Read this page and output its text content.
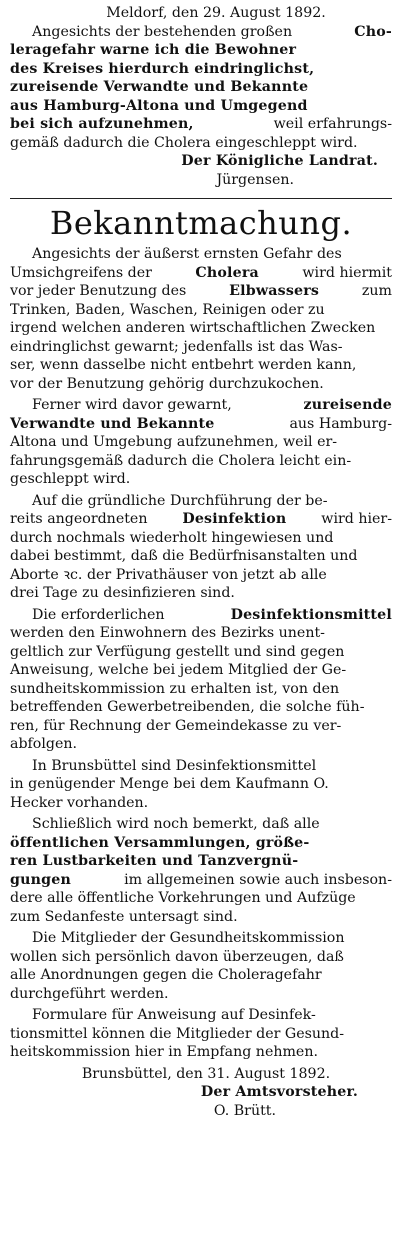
Meldorf, den 29. August 1892.

Angesichts der bestehenden großen	Cho-

leragefahr warne ich die Bewohner

des Kreises hierdurch eindringlichst,

zureisende Verwandte und Bekannte

aus Hamburg-Altona und Umgegend

bei sich aufzunehmen,	weil erfahrungs-

gemäß dadurch die Cholera eingeschleppt wird.

Der Königliche Landrat.

Jürgensen.

Bekanntmachung.

Angesichts der äußerst ernsten Gefahr des

Umsichgreifens der	Cholera	wird hiermit

vor jeder Benutzung des	Elbwassers	zum

Trinken, Baden, Waschen, Reinigen oder zu

irgend welchen anderen wirtschaftlichen Zwecken

eindringlichst gewarnt; jedenfalls ist das Was-

ser, wenn dasselbe nicht entbehrt werden kann,

vor der Benutzung gehörig durchzukochen.

Ferner wird davor gewarnt,	zureisende

Verwandte und Bekannte	aus Hamburg-

Altona und Umgebung aufzunehmen, weil er-

fahrungsgemäß dadurch die Cholera leicht ein-

geschleppt wird.

Auf die gründliche Durchführung der be-

reits angeordneten Desinfektion wird hier-

durch nochmals wiederholt hingewiesen und

dabei bestimmt, daß die Bedürfnisanstalten und

Aborte ꝛc. der Privathäuser von jetzt ab alle

drei Tage zu desinfizieren sind.

Die erforderlichen	Desinfektionsmittel

werden den Einwohnern des Bezirks unent-

geltlich zur Verfügung gestellt und sind gegen

Anweisung, welche bei jedem Mitglied der Ge-

sundheitskommission zu erhalten ist, von den

betreffenden Gewerbetreibenden, die solche füh-

ren, für Rechnung der Gemeindekasse zu ver-

abfolgen.

In Brunsbüttel sind Desinfektionsmittel

in genügender Menge bei dem Kaufmann O.

Hecker vorhanden.

Schließlich wird noch bemerkt, daß alle

öffentlichen Versammlungen, größe-

ren Lustbarkeiten und Tanzvergnü-

gungen	im allgemeinen sowie auch insbeson-

dere alle öffentliche Vorkehrungen und Aufzüge

zum Sedanfeste untersagt sind.

Die Mitglieder der Gesundheitskommission

wollen sich persönlich davon überzeugen, daß

alle Anordnungen gegen die Choleragefahr

durchgeführt werden.

Formulare für Anweisung auf Desinfek-

tionsmittel können die Mitglieder der Gesund-

heitskommission hier in Empfang nehmen.

Brunsbüttel, den 31. August 1892.

Der Amtsvorsteher.

O. Brütt.
